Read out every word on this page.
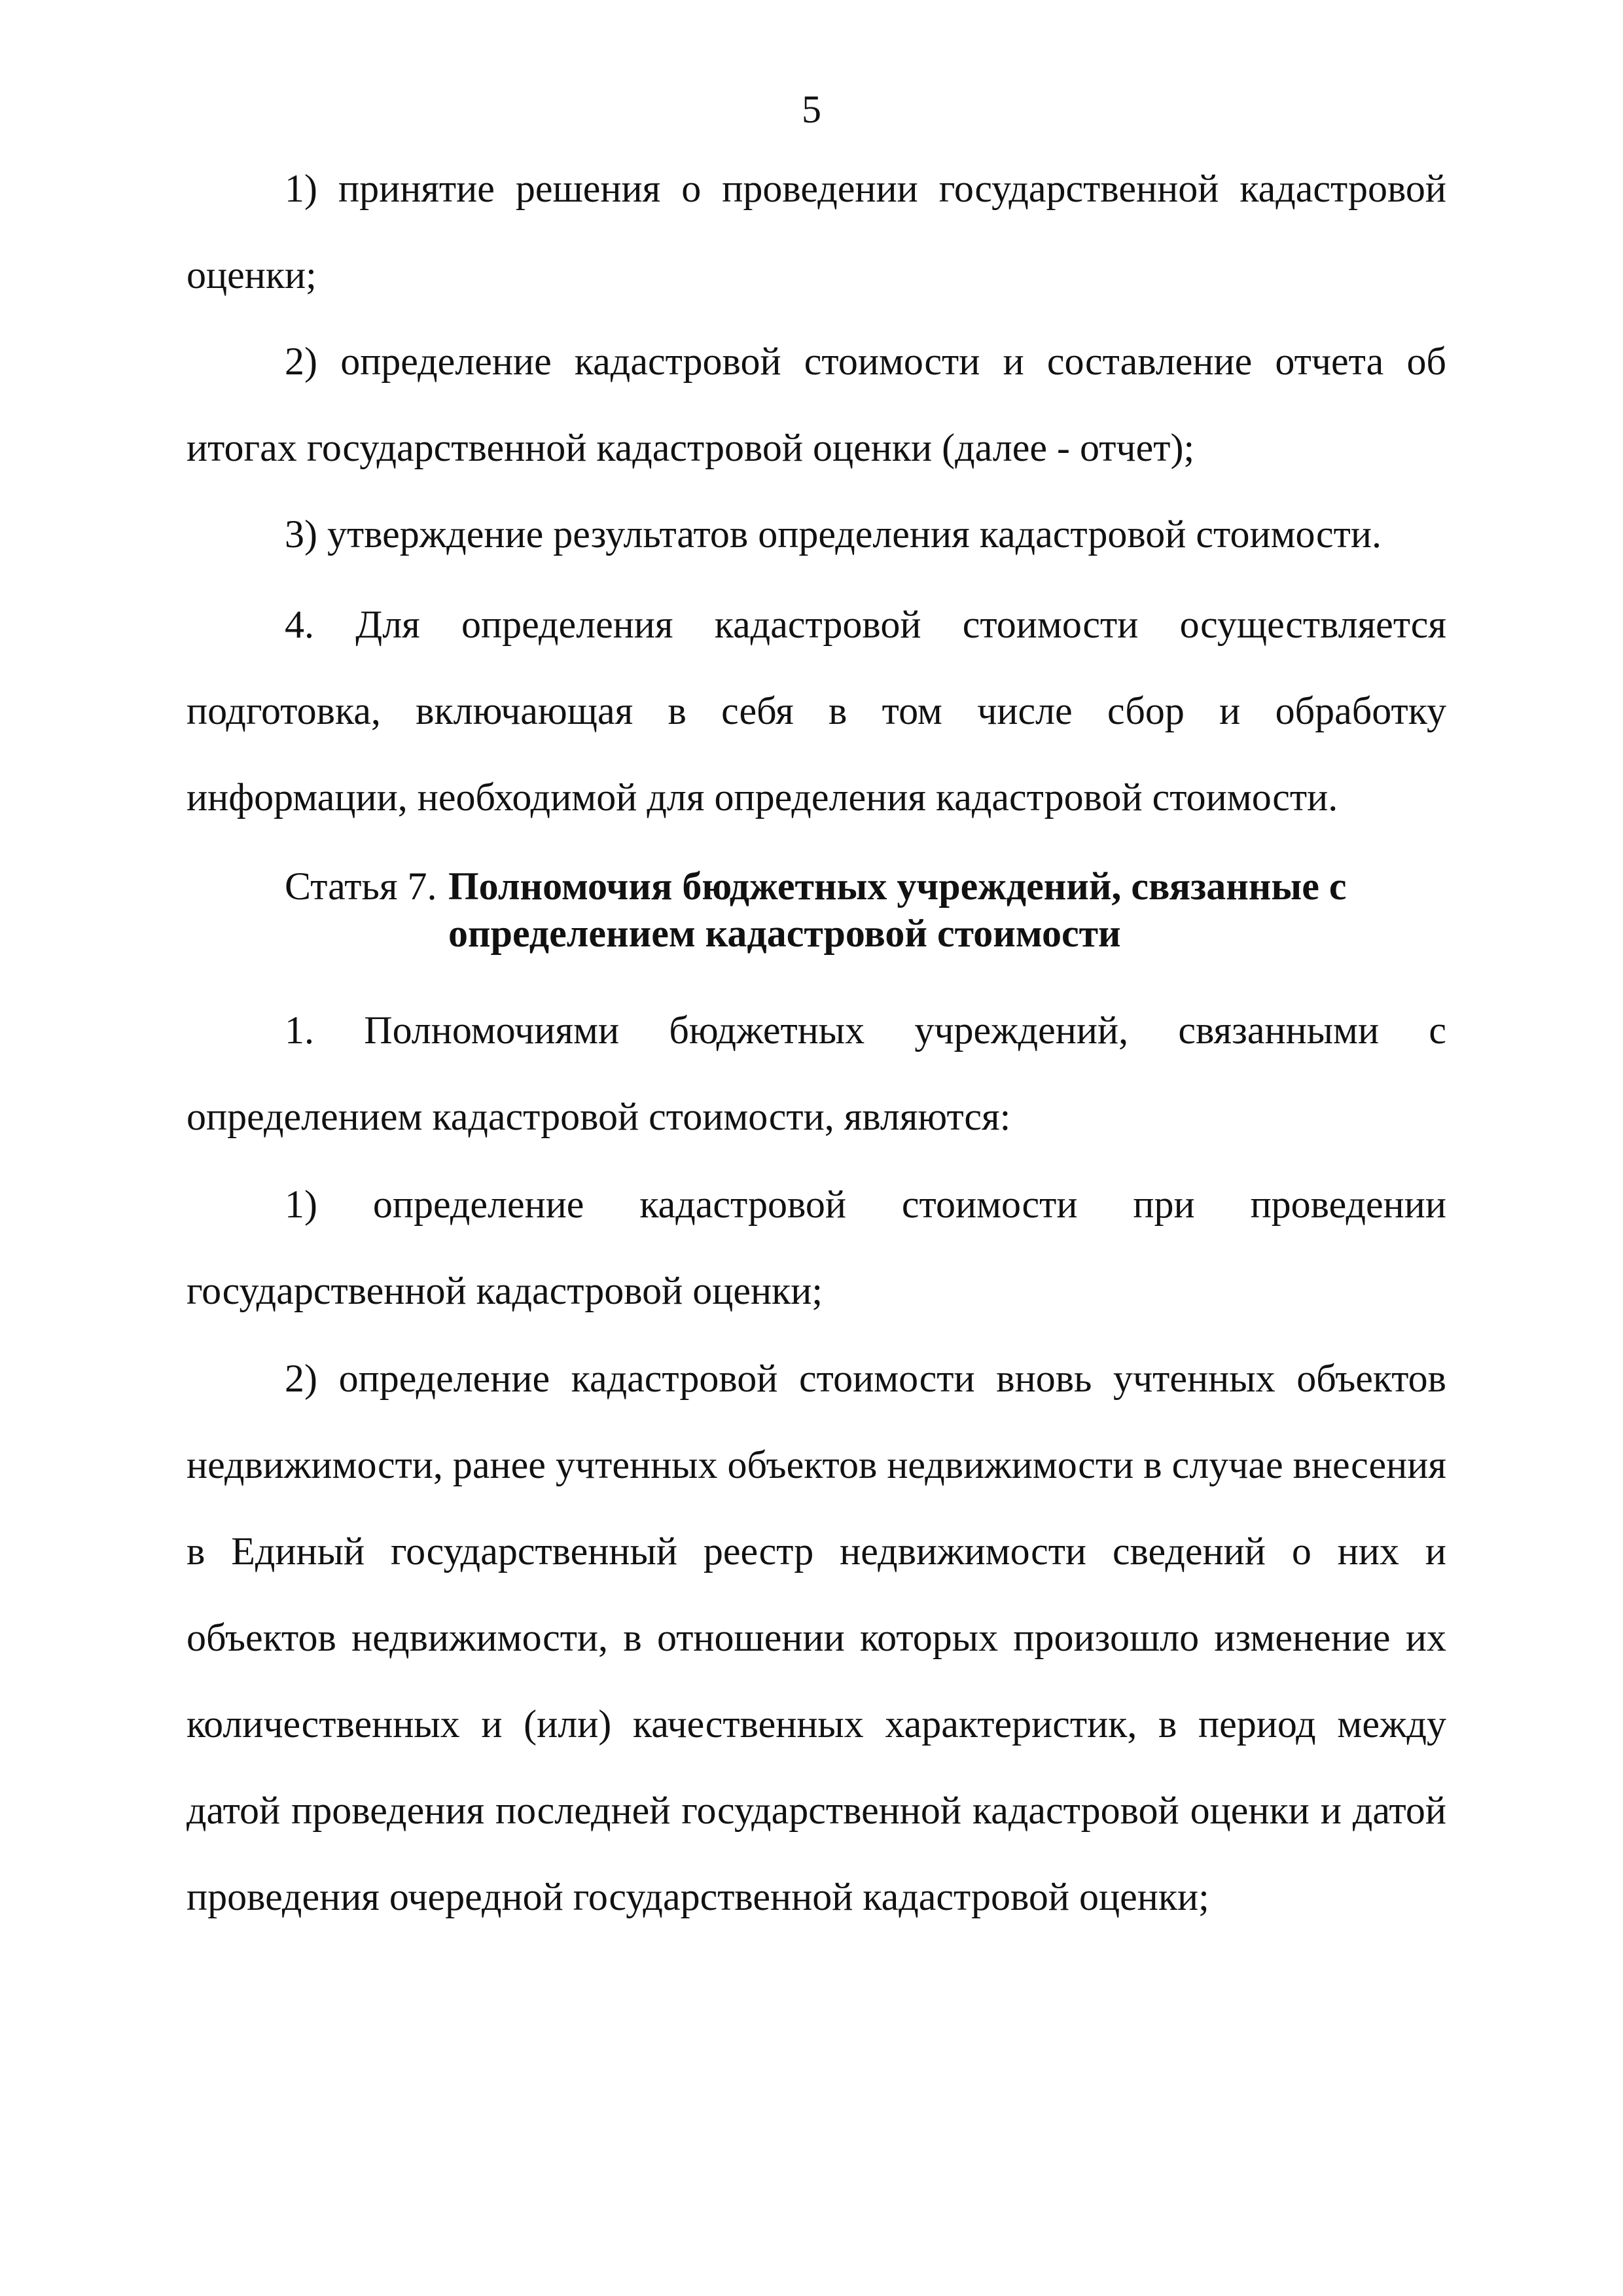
5

1) принятие решения о проведении государственной кадастровой оценки;

2) определение кадастровой стоимости и составление отчета об итогах государственной кадастровой оценки (далее - отчет);

3) утверждение результатов определения кадастровой стоимости.

4. Для определения кадастровой стоимости осуществляется подготовка, включающая в себя в том числе сбор и обработку информации, необходимой для определения кадастровой стоимости.

Статья 7. Полномочия бюджетных учреждений, связанные с определением кадастровой стоимости

1. Полномочиями бюджетных учреждений, связанными с определением кадастровой стоимости, являются:

1) определение кадастровой стоимости при проведении государственной кадастровой оценки;

2) определение кадастровой стоимости вновь учтенных объектов недвижимости, ранее учтенных объектов недвижимости в случае внесения в Единый государственный реестр недвижимости сведений о них и объектов недвижимости, в отношении которых произошло изменение их количественных и (или) качественных характеристик, в период между датой проведения последней государственной кадастровой оценки и датой проведения очередной государственной кадастровой оценки;
